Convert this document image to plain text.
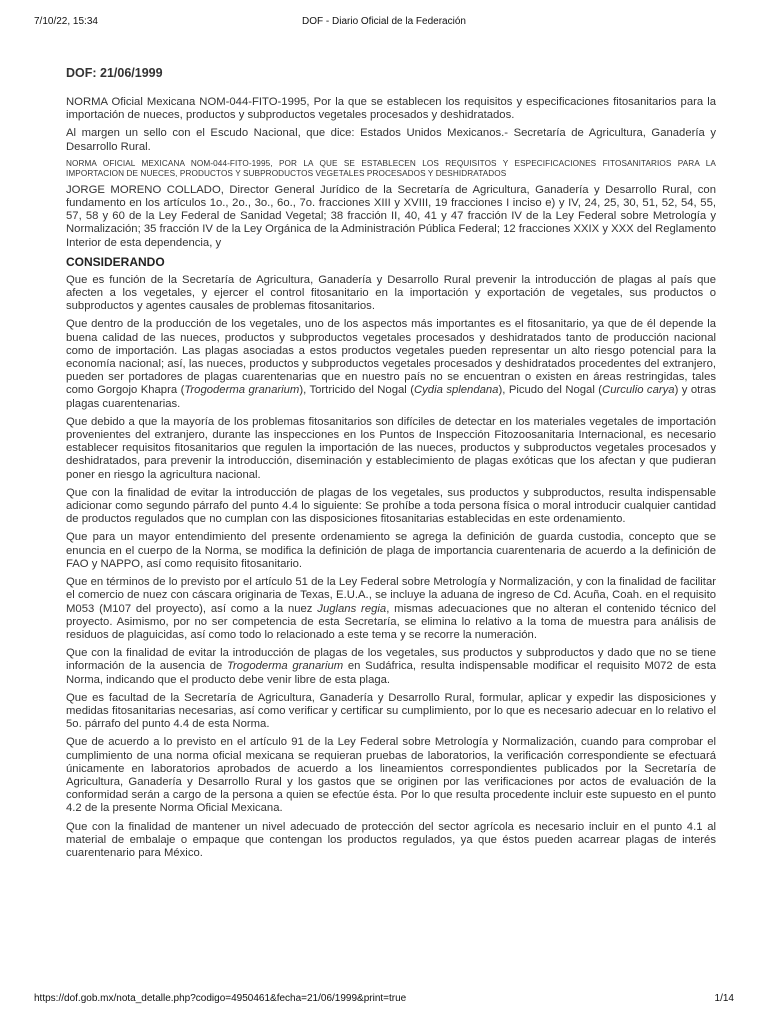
7/10/22, 15:34	DOF - Diario Oficial de la Federación
DOF: 21/06/1999

NORMA Oficial Mexicana NOM-044-FITO-1995, Por la que se establecen los requisitos y especificaciones fitosanitarios para la importación de nueces, productos y subproductos vegetales procesados y deshidratados.

Al margen un sello con el Escudo Nacional, que dice: Estados Unidos Mexicanos.- Secretaría de Agricultura, Ganadería y Desarrollo Rural.

NORMA OFICIAL MEXICANA NOM-044-FITO-1995, POR LA QUE SE ESTABLECEN LOS REQUISITOS Y ESPECIFICACIONES FITOSANITARIOS PARA LA IMPORTACION DE NUECES, PRODUCTOS Y SUBPRODUCTOS VEGETALES PROCESADOS Y DESHIDRATADOS

JORGE MORENO COLLADO, Director General Jurídico de la Secretaría de Agricultura, Ganadería y Desarrollo Rural, con fundamento en los artículos 1o., 2o., 3o., 6o., 7o. fracciones XIII y XVIII, 19 fracciones I inciso e) y IV, 24, 25, 30, 51, 52, 54, 55, 57, 58 y 60 de la Ley Federal de Sanidad Vegetal; 38 fracción II, 40, 41 y 47 fracción IV de la Ley Federal sobre Metrología y Normalización; 35 fracción IV de la Ley Orgánica de la Administración Pública Federal; 12 fracciones XXIX y XXX del Reglamento Interior de esta dependencia, y

CONSIDERANDO

Que es función de la Secretaría de Agricultura, Ganadería y Desarrollo Rural prevenir la introducción de plagas al país que afecten a los vegetales, y ejercer el control fitosanitario en la importación y exportación de vegetales, sus productos o subproductos y agentes causales de problemas fitosanitarios.

Que dentro de la producción de los vegetales, uno de los aspectos más importantes es el fitosanitario, ya que de él depende la buena calidad de las nueces, productos y subproductos vegetales procesados y deshidratados tanto de producción nacional como de importación. Las plagas asociadas a estos productos vegetales pueden representar un alto riesgo potencial para la economía nacional; así, las nueces, productos y subproductos vegetales procesados y deshidratados procedentes del extranjero, pueden ser portadores de plagas cuarentenarias que en nuestro país no se encuentran o existen en áreas restringidas, tales como Gorgojo Khapra (Trogoderma granarium), Tortricido del Nogal (Cydia splendana), Picudo del Nogal (Curculio carya) y otras plagas cuarentenarias.

Que debido a que la mayoría de los problemas fitosanitarios son difíciles de detectar en los materiales vegetales de importación provenientes del extranjero, durante las inspecciones en los Puntos de Inspección Fitozoosanitaria Internacional, es necesario establecer requisitos fitosanitarios que regulen la importación de las nueces, productos y subproductos vegetales procesados y deshidratados, para prevenir la introducción, diseminación y establecimiento de plagas exóticas que los afectan y que pudieran poner en riesgo la agricultura nacional.

Que con la finalidad de evitar la introducción de plagas de los vegetales, sus productos y subproductos, resulta indispensable adicionar como segundo párrafo del punto 4.4 lo siguiente: Se prohíbe a toda persona física o moral introducir cualquier cantidad de productos regulados que no cumplan con las disposiciones fitosanitarias establecidas en este ordenamiento.

Que para un mayor entendimiento del presente ordenamiento se agrega la definición de guarda custodia, concepto que se enuncia en el cuerpo de la Norma, se modifica la definición de plaga de importancia cuarentenaria de acuerdo a la definición de FAO y NAPPO, así como requisito fitosanitario.

Que en términos de lo previsto por el artículo 51 de la Ley Federal sobre Metrología y Normalización, y con la finalidad de facilitar el comercio de nuez con cáscara originaria de Texas, E.U.A., se incluye la aduana de ingreso de Cd. Acuña, Coah. en el requisito M053 (M107 del proyecto), así como a la nuez Juglans regia, mismas adecuaciones que no alteran el contenido técnico del proyecto. Asimismo, por no ser competencia de esta Secretaría, se elimina lo relativo a la toma de muestra para análisis de residuos de plaguicidas, así como todo lo relacionado a este tema y se recorre la numeración.

Que con la finalidad de evitar la introducción de plagas de los vegetales, sus productos y subproductos y dado que no se tiene información de la ausencia de Trogoderma granarium en Sudáfrica, resulta indispensable modificar el requisito M072 de esta Norma, indicando que el producto debe venir libre de esta plaga.

Que es facultad de la Secretaría de Agricultura, Ganadería y Desarrollo Rural, formular, aplicar y expedir las disposiciones y medidas fitosanitarias necesarias, así como verificar y certificar su cumplimiento, por lo que es necesario adecuar en lo relativo el 5o. párrafo del punto 4.4 de esta Norma.

Que de acuerdo a lo previsto en el artículo 91 de la Ley Federal sobre Metrología y Normalización, cuando para comprobar el cumplimiento de una norma oficial mexicana se requieran pruebas de laboratorios, la verificación correspondiente se efectuará únicamente en laboratorios aprobados de acuerdo a los lineamientos correspondientes publicados por la Secretaría de Agricultura, Ganadería y Desarrollo Rural y los gastos que se originen por las verificaciones por actos de evaluación de la conformidad serán a cargo de la persona a quien se efectúe ésta. Por lo que resulta procedente incluir este supuesto en el punto 4.2 de la presente Norma Oficial Mexicana.

Que con la finalidad de mantener un nivel adecuado de protección del sector agrícola es necesario incluir en el punto 4.1 al material de embalaje o empaque que contengan los productos regulados, ya que éstos pueden acarrear plagas de interés cuarentenario para México.

https://dof.gob.mx/nota_detalle.php?codigo=4950461&fecha=21/06/1999&print=true	1/14
